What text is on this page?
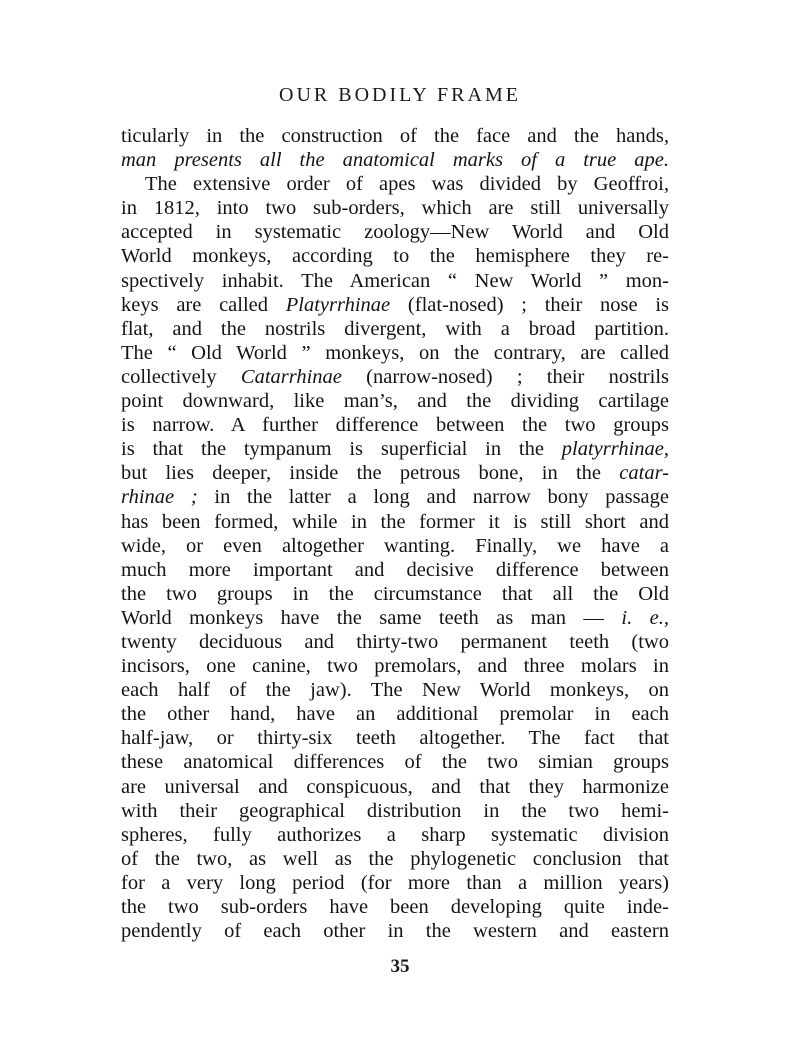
OUR BODILY FRAME
ticularly in the construction of the face and the hands,
man presents all the anatomical marks of a true ape.
The extensive order of apes was divided by Geoffroi,
in 1812, into two sub-orders, which are still universally
accepted in systematic zoology—New World and Old
World monkeys, according to the hemisphere they re-
spectively inhabit. The American “ New World ” mon-
keys are called Platyrrhinae (flat-nosed) ; their nose is
flat, and the nostrils divergent, with a broad partition.
The “ Old World ” monkeys, on the contrary, are called
collectively Catarrhinae (narrow-nosed) ; their nostrils
point downward, like man’s, and the dividing cartilage
is narrow. A further difference between the two groups
is that the tympanum is superficial in the platyrrhinae,
but lies deeper, inside the petrous bone, in the catar-
rhinae ; in the latter a long and narrow bony passage
has been formed, while in the former it is still short and
wide, or even altogether wanting. Finally, we have a
much more important and decisive difference between
the two groups in the circumstance that all the Old
World monkeys have the same teeth as man — i. e.,
twenty deciduous and thirty-two permanent teeth (two
incisors, one canine, two premolars, and three molars in
each half of the jaw). The New World monkeys, on
the other hand, have an additional premolar in each
half-jaw, or thirty-six teeth altogether. The fact that
these anatomical differences of the two simian groups
are universal and conspicuous, and that they harmonize
with their geographical distribution in the two hemi-
spheres, fully authorizes a sharp systematic division
of the two, as well as the phylogenetic conclusion that
for a very long period (for more than a million years)
the two sub-orders have been developing quite inde-
pendently of each other in the western and eastern
35
